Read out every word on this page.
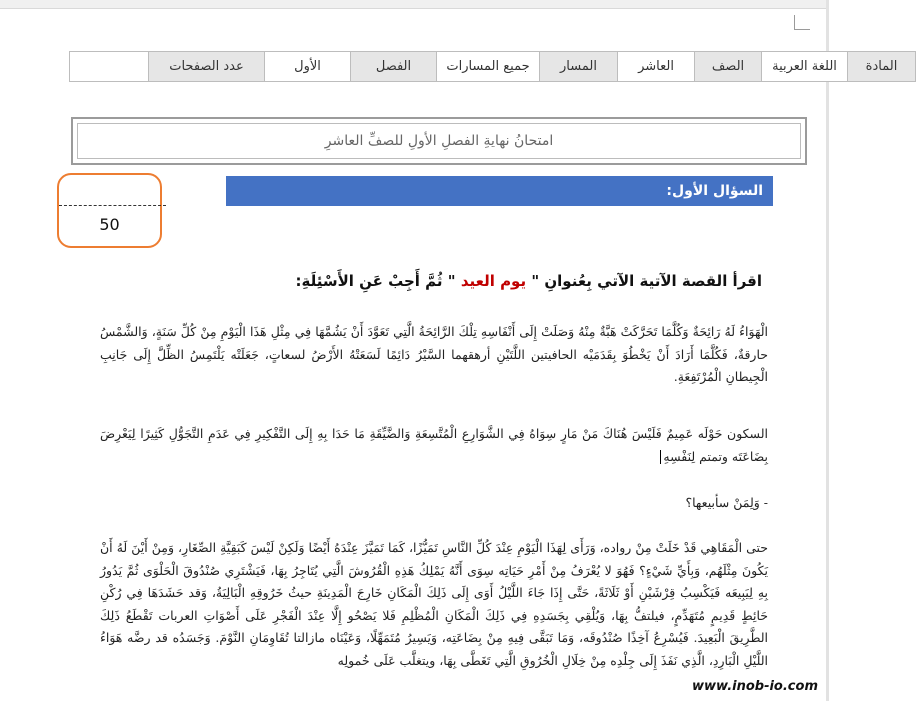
المادة	اللغة العربية	الصف	العاشر	المسار	جميع المسارات	الفصل	الأول	عدد الصفحات	
امتحانُ نهايةِ الفصلِ الأولِ للصفِّ العاشرِ
50
السؤال الأول:
اقرأ القصة الآتية الآتي بِعُنوانِ " يوم العيد " ثُمَّ أَجِبْ عَنِ الأَسْئِلَةِ:
الْهَوَاءُ لَهُ رَائِحَةٌ وَكُلَّمَا تَحَرَّكَتْ هَبَّةٌ مِنْهُ وَصَلَتْ إِلَى أَنْفَاسِهِ تِلْكَ الرَّائِحَةُ الَّتِي تَعَوَّدَ أَنْ يَشُمَّهَا فِي مِثْلِ هَذَا الْيَوْمِ مِنْ كُلِّ سَنَةٍ، وَالشَّمْسُ حارقةٌ، فَكُلَّمَا أَرَادَ أَنْ يَخْطُوَ بِقَدَمَيْه الحافيتين اللَّتَيْنِ أرهقهما السَّيْرُ دَائِمًا لَسَعَتْهُ الأَرْضُ لسعاتٍ، جَعَلَتْه يَلْتَمِسُ الظِّلَّ إِلَى جَانِبِ الْجِيطانِ الْمُرْتَفِعَةِ.
السكون حَوْلَه عَمِيمٌ فَلَيْسَ هُنَاكَ مَنْ مَارٍ سِوَاهُ فِي الشَّوَارِعِ الْمُتَّسِعَةِ وَالضَّيِّقَةِ مَا حَدَا بِهِ إِلَى التَّفْكِيرِ فِي عَدَمِ التَّجَوُّلِ كَثِيرًا لِيَعْرِضَ بِضَاعَتَه وتمتم لِنَفْسِهِ
- وَلِمَنْ سأبيعها؟
حتى الْمَقَاهِي قَدْ خَلَتْ مِنْ رواده، وَرَأَى لِهَذَا الْيَوْمِ عِنْدَ كُلِّ النَّاسِ تَمَيُّزًا، كَمَا تَمَيَّزَ عِنْدَهُ أَيْضًا وَلَكِنْ لَيْسَ كَبَقِيَّةِ الصِّغَارِ، وَمِنْ أَيْنَ لَهُ أَنْ يَكُونَ مِثْلَهُم، وَبِأَيِّ شَيْءٍ؟ فَهُوَ لا يُعْرَفُ مِنْ أَمْرِ حَيَاتِه سِوَى أَنَّهُ يَمْلِكُ هَذِهِ الْقُرُوشَ الَّتِي يُتَاجِرُ بِهَا، فَيَشْتَرِي صُنْدُوقَ الْحَلْوَى ثُمَّ يَدُورُ بِهِ لِيَبِيعَه فَيَكْسِبُ قِرْشَيْنِ أَوْ ثَلَاثَةً، حَتَّى إِذَا جَاءَ اللَّيْلُ أَوَى إِلَى ذَلِكَ الْمَكَانِ خَارِجَ الْمَدِينَةِ حيثُ خَرُوقِهِ الْبَالِيَةُ، وَقد حَشَدَهَا فِي رُكْنِ حَائِطٍ قَدِيمٍ مُتَهَدِّمٍ، فيلتفُّ بِهَا، وَيُلْقِي بِجَسَدِهِ فِي ذَلِكَ الْمَكَانِ الْمُظْلِمِ فَلا يَصْحُو إِلَّا عِنْدَ الْفَجْرِ عَلَى أَصْوَاتِ العربات تَقْطَعُ ذَلِكَ الطَّرِيقَ الْبَعِيدَ. فَيُسْرِعُ آخِذًا صُنْدُوقَه، وَمَا تَبَقَّى فِيهِ مِنْ بِضَاعَتِه، وَيَسِيرُ مُتَمَهِّلًا، وَعَيْنَاه مازالتا تُقَاوِمَانِ النَّوْمَ. وَجَسَدُه قد رضَّه هَوَاءُ اللَّيْلِ الْبَارِدِ، الَّذِي نَفَذَ إِلَى جِلْدِه مِنْ خِلَالِ الْخُرُوقِ الَّتِي تَغَطَّى بِهَا، ويتغلَّب عَلَى خُمولِه
www.inob-io.com
